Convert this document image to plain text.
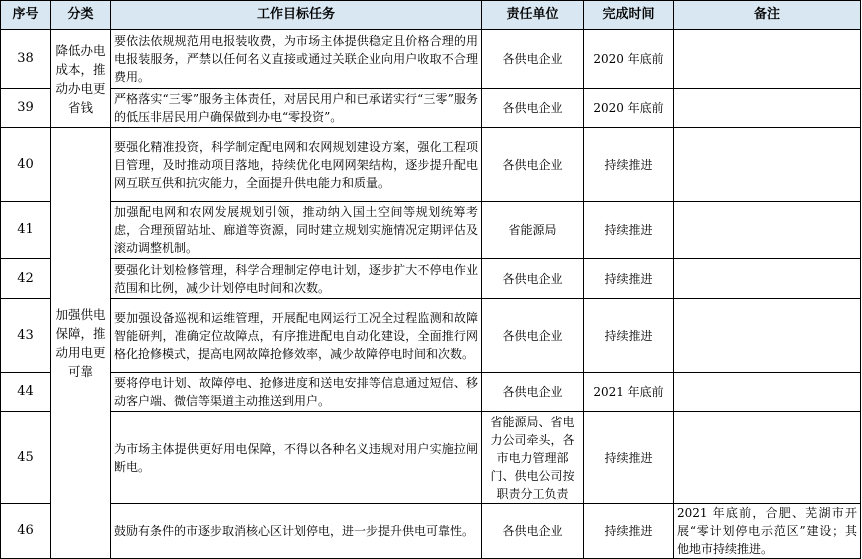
序号	分类	工作目标任务	责任单位	完成时间	备注
38	降低办电成本，推动办电更省钱	要依法依规规范用电报装收费，为市场主体提供稳定且价格合理的用电报装服务，严禁以任何名义直接或通过关联企业向用户收取不合理费用。	各供电企业	2020 年底前	
39		严格落实“三零”服务主体责任，对居民用户和已承诺实行“三零”服务的低压非居民用户确保做到办电“零投资”。	各供电企业	2020 年底前	
40	加强供电保障，推动用电更可靠	要强化精准投资，科学制定配电网和农网规划建设方案，强化工程项目管理，及时推动项目落地，持续优化电网网架结构，逐步提升配电网互联互供和抗灾能力，全面提升供电能力和质量。	各供电企业	持续推进	
41		加强配电网和农网发展规划引领，推动纳入国土空间等规划统筹考虑，合理预留站址、廊道等资源，同时建立规划实施情况定期评估及滚动调整机制。	省能源局	持续推进	
42		要强化计划检修管理，科学合理制定停电计划，逐步扩大不停电作业范围和比例，减少计划停电时间和次数。	各供电企业	持续推进	
43		要加强设备巡视和运维管理，开展配电网运行工况全过程监测和故障智能研判，准确定位故障点，有序推进配电自动化建设，全面推行网格化抢修模式，提高电网故障抢修效率，减少故障停电时间和次数。	各供电企业	持续推进	
44		要将停电计划、故障停电、抢修进度和送电安排等信息通过短信、移动客户端、微信等渠道主动推送到用户。	各供电企业	2021 年底前	
45		为市场主体提供更好用电保障，不得以各种名义违规对用户实施拉闸断电。	省能源局、省电力公司牵头，各市电力管理部门、供电公司按职责分工负责	持续推进	
46		鼓励有条件的市逐步取消核心区计划停电，进一步提升供电可靠性。	各供电企业	持续推进	2021 年底前，合肥、芜湖市开展“零计划停电示范区”建设；其他地市持续推进。
